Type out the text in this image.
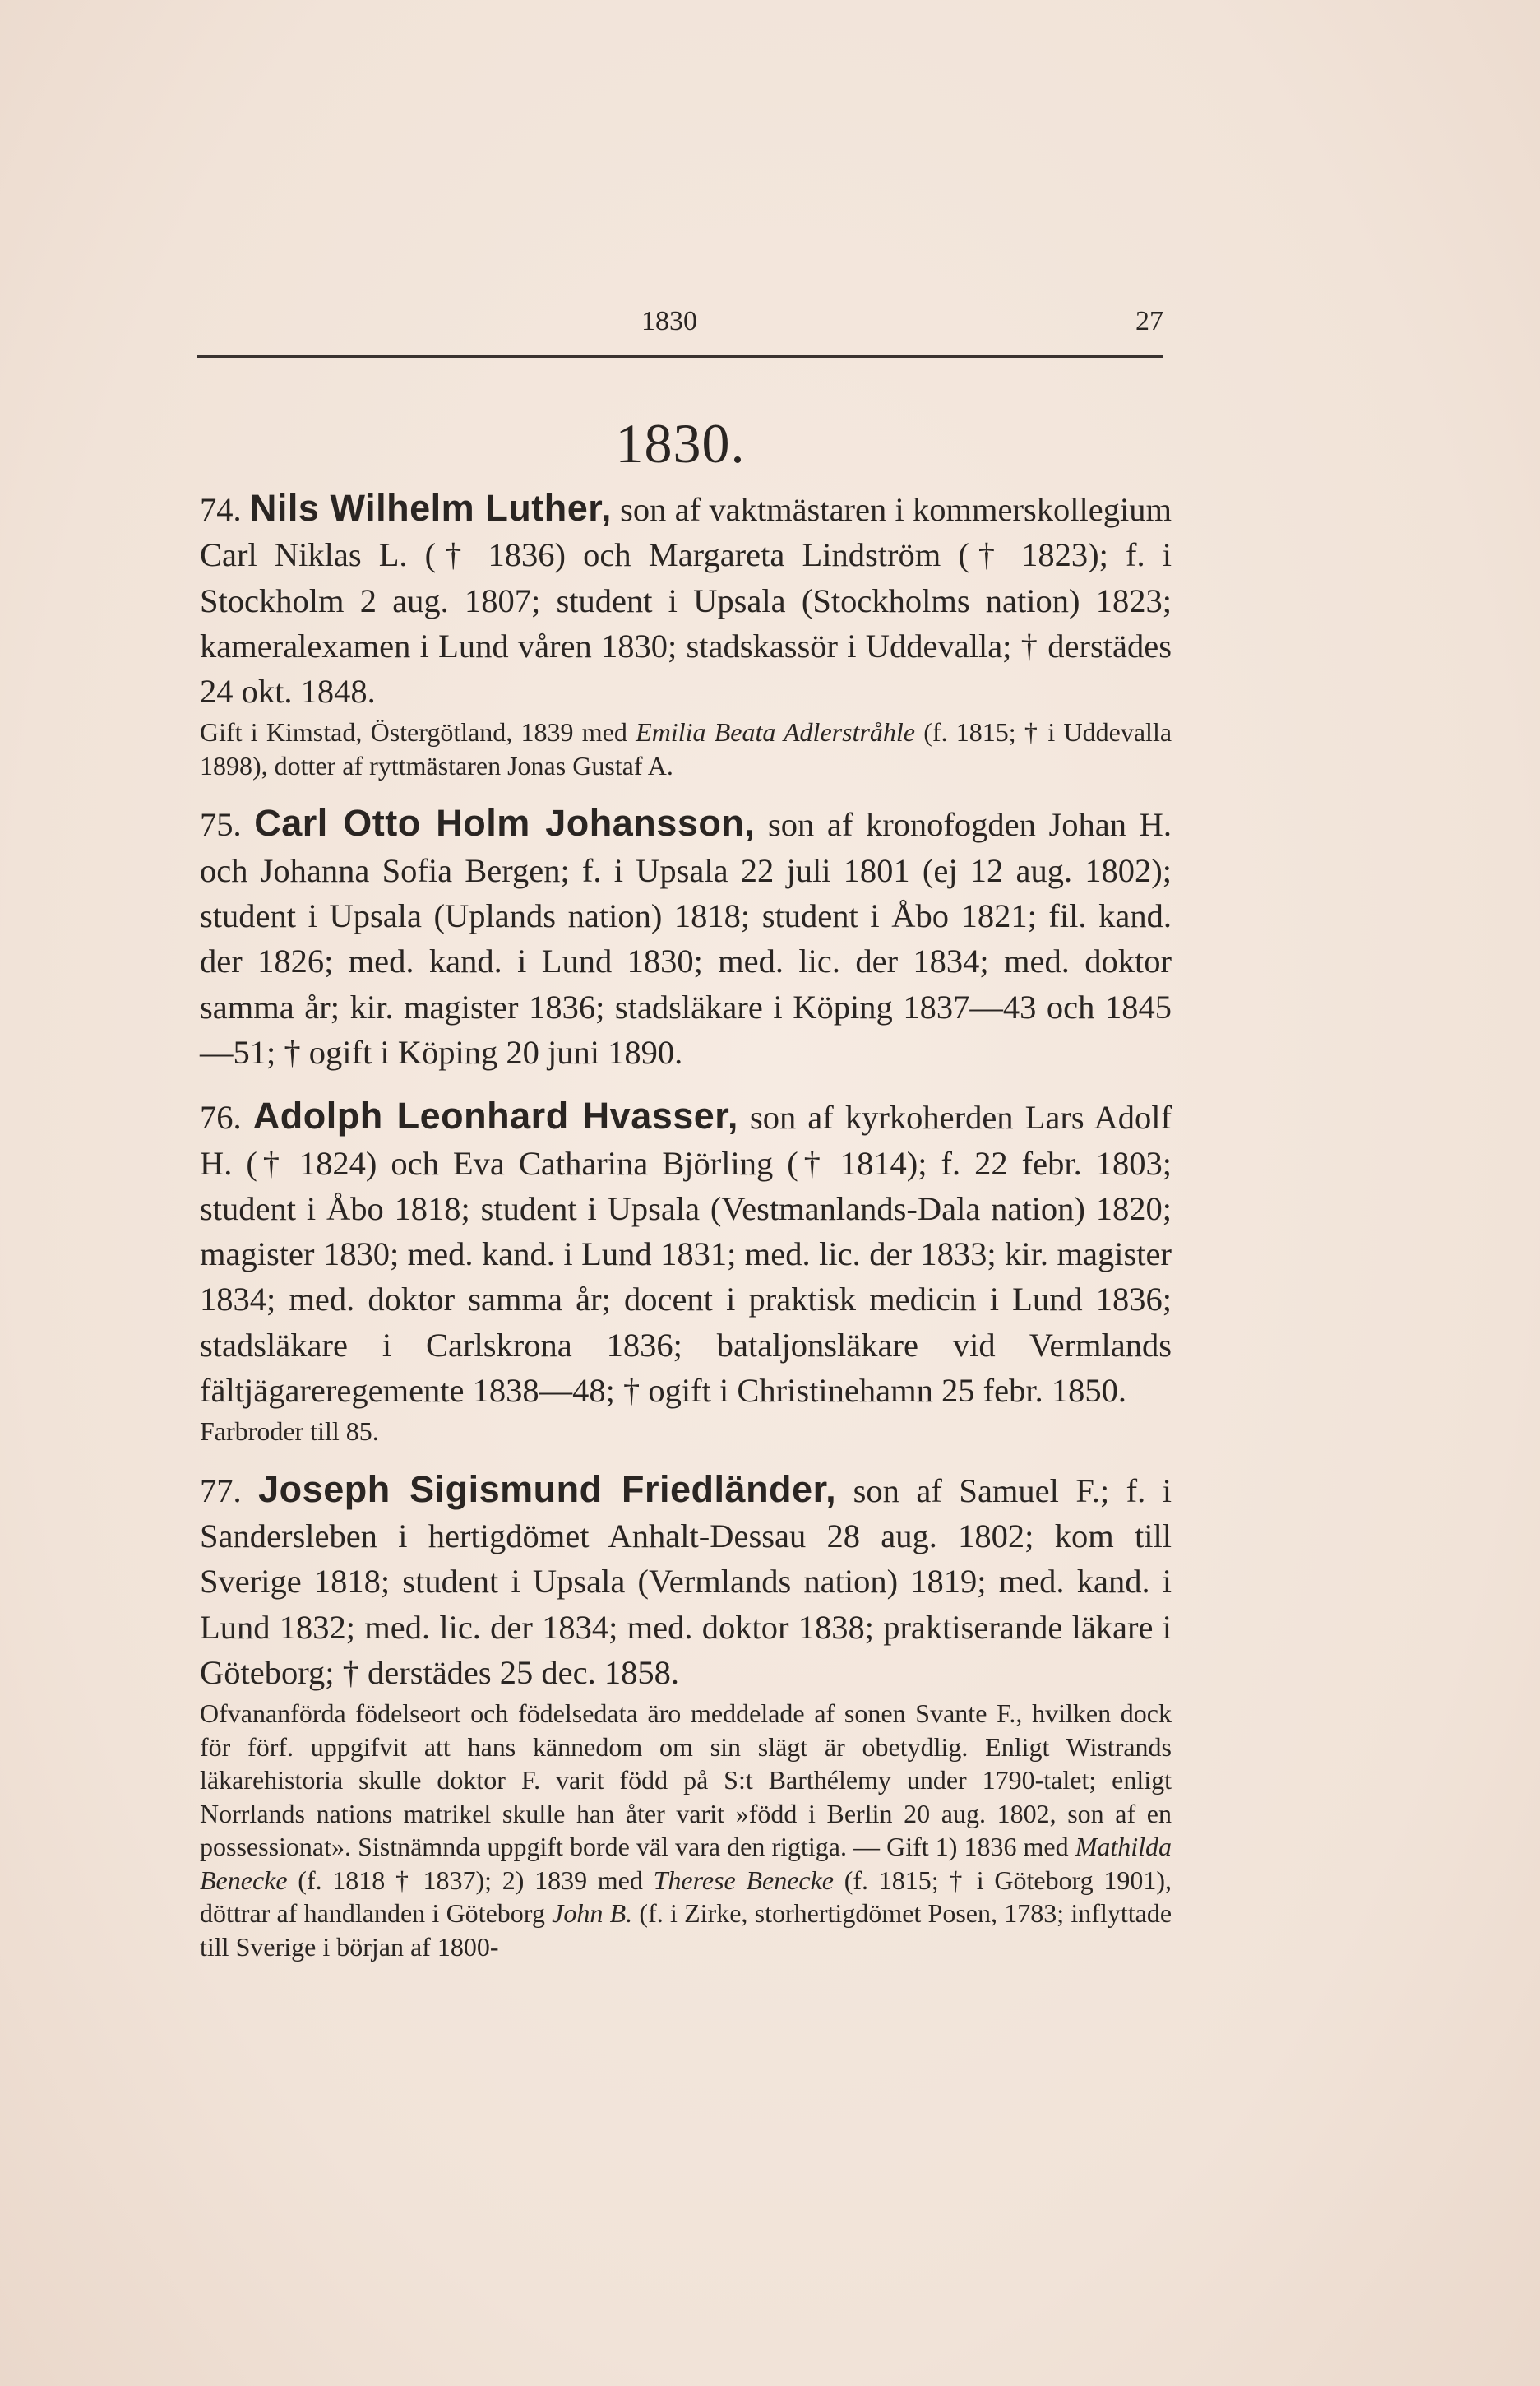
1830	27
1830.

74. Nils Wilhelm Luther, son af vaktmästaren i kommerskollegium Carl Niklas L. († 1836) och Margareta Lindström († 1823); f. i Stockholm 2 aug. 1807; student i Upsala (Stockholms nation) 1823; kameralexamen i Lund våren 1830; stadskassör i Uddevalla; † derstädes 24 okt. 1848.

Gift i Kimstad, Östergötland, 1839 med Emilia Beata Adlerstråhle (f. 1815; † i Uddevalla 1898), dotter af ryttmästaren Jonas Gustaf A.

75. Carl Otto Holm Johansson, son af kronofogden Johan H. och Johanna Sofia Bergen; f. i Upsala 22 juli 1801 (ej 12 aug. 1802); student i Upsala (Uplands nation) 1818; student i Åbo 1821; fil. kand. der 1826; med. kand. i Lund 1830; med. lic. der 1834; med. doktor samma år; kir. magister 1836; stadsläkare i Köping 1837—43 och 1845—51; † ogift i Köping 20 juni 1890.

76. Adolph Leonhard Hvasser, son af kyrkoherden Lars Adolf H. († 1824) och Eva Catharina Björling († 1814); f. 22 febr. 1803; student i Åbo 1818; student i Upsala (Vestmanlands-Dala nation) 1820; magister 1830; med. kand. i Lund 1831; med. lic. der 1833; kir. magister 1834; med. doktor samma år; docent i praktisk medicin i Lund 1836; stadsläkare i Carlskrona 1836; bataljonsläkare vid Vermlands fältjägareregemente 1838—48; † ogift i Christinehamn 25 febr. 1850.

Farbroder till 85.

77. Joseph Sigismund Friedländer, son af Samuel F.; f. i Sandersleben i hertigdömet Anhalt-Dessau 28 aug. 1802; kom till Sverige 1818; student i Upsala (Vermlands nation) 1819; med. kand. i Lund 1832; med. lic. der 1834; med. doktor 1838; praktiserande läkare i Göteborg; † derstädes 25 dec. 1858.

Ofvananförda födelseort och födelsedata äro meddelade af sonen Svante F., hvilken dock för förf. uppgifvit att hans kännedom om sin slägt är obetydlig. Enligt Wistrands läkarehistoria skulle doktor F. varit född på S:t Barthélemy under 1790-talet; enligt Norrlands nations matrikel skulle han åter varit »född i Berlin 20 aug. 1802, son af en possessionat». Sistnämnda uppgift borde väl vara den rigtiga. — Gift 1) 1836 med Mathilda Benecke (f. 1818 † 1837); 2) 1839 med Therese Benecke (f. 1815; † i Göteborg 1901), döttrar af handlanden i Göteborg John B. (f. i Zirke, storhertigdömet Posen, 1783; inflyttade till Sverige i början af 1800-
